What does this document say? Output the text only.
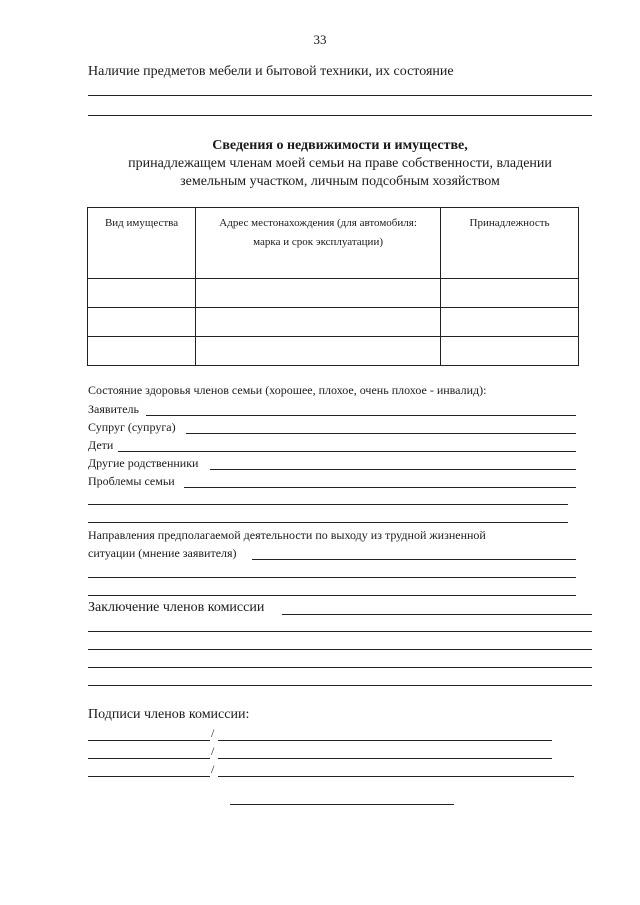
33
Наличие предметов мебели и бытовой техники, их состояние
Сведения о недвижимости и имуществе,
принадлежащем членам моей семьи на праве собственности, владении
земельным участком, личным подсобным хозяйством
Вид имущества	Адрес местонахождения (для автомобиля: марка и срок эксплуатации)	Принадлежность

Состояние здоровья членов семьи (хорошее, плохое, очень плохое - инвалид):
Заявитель
Супруг (супруга)
Дети
Другие родственники
Проблемы семьи
Направления предполагаемой деятельности по выходу из трудной жизненной
ситуации (мнение заявителя)
Заключение членов комиссии
Подписи членов комиссии:
/
/
/
